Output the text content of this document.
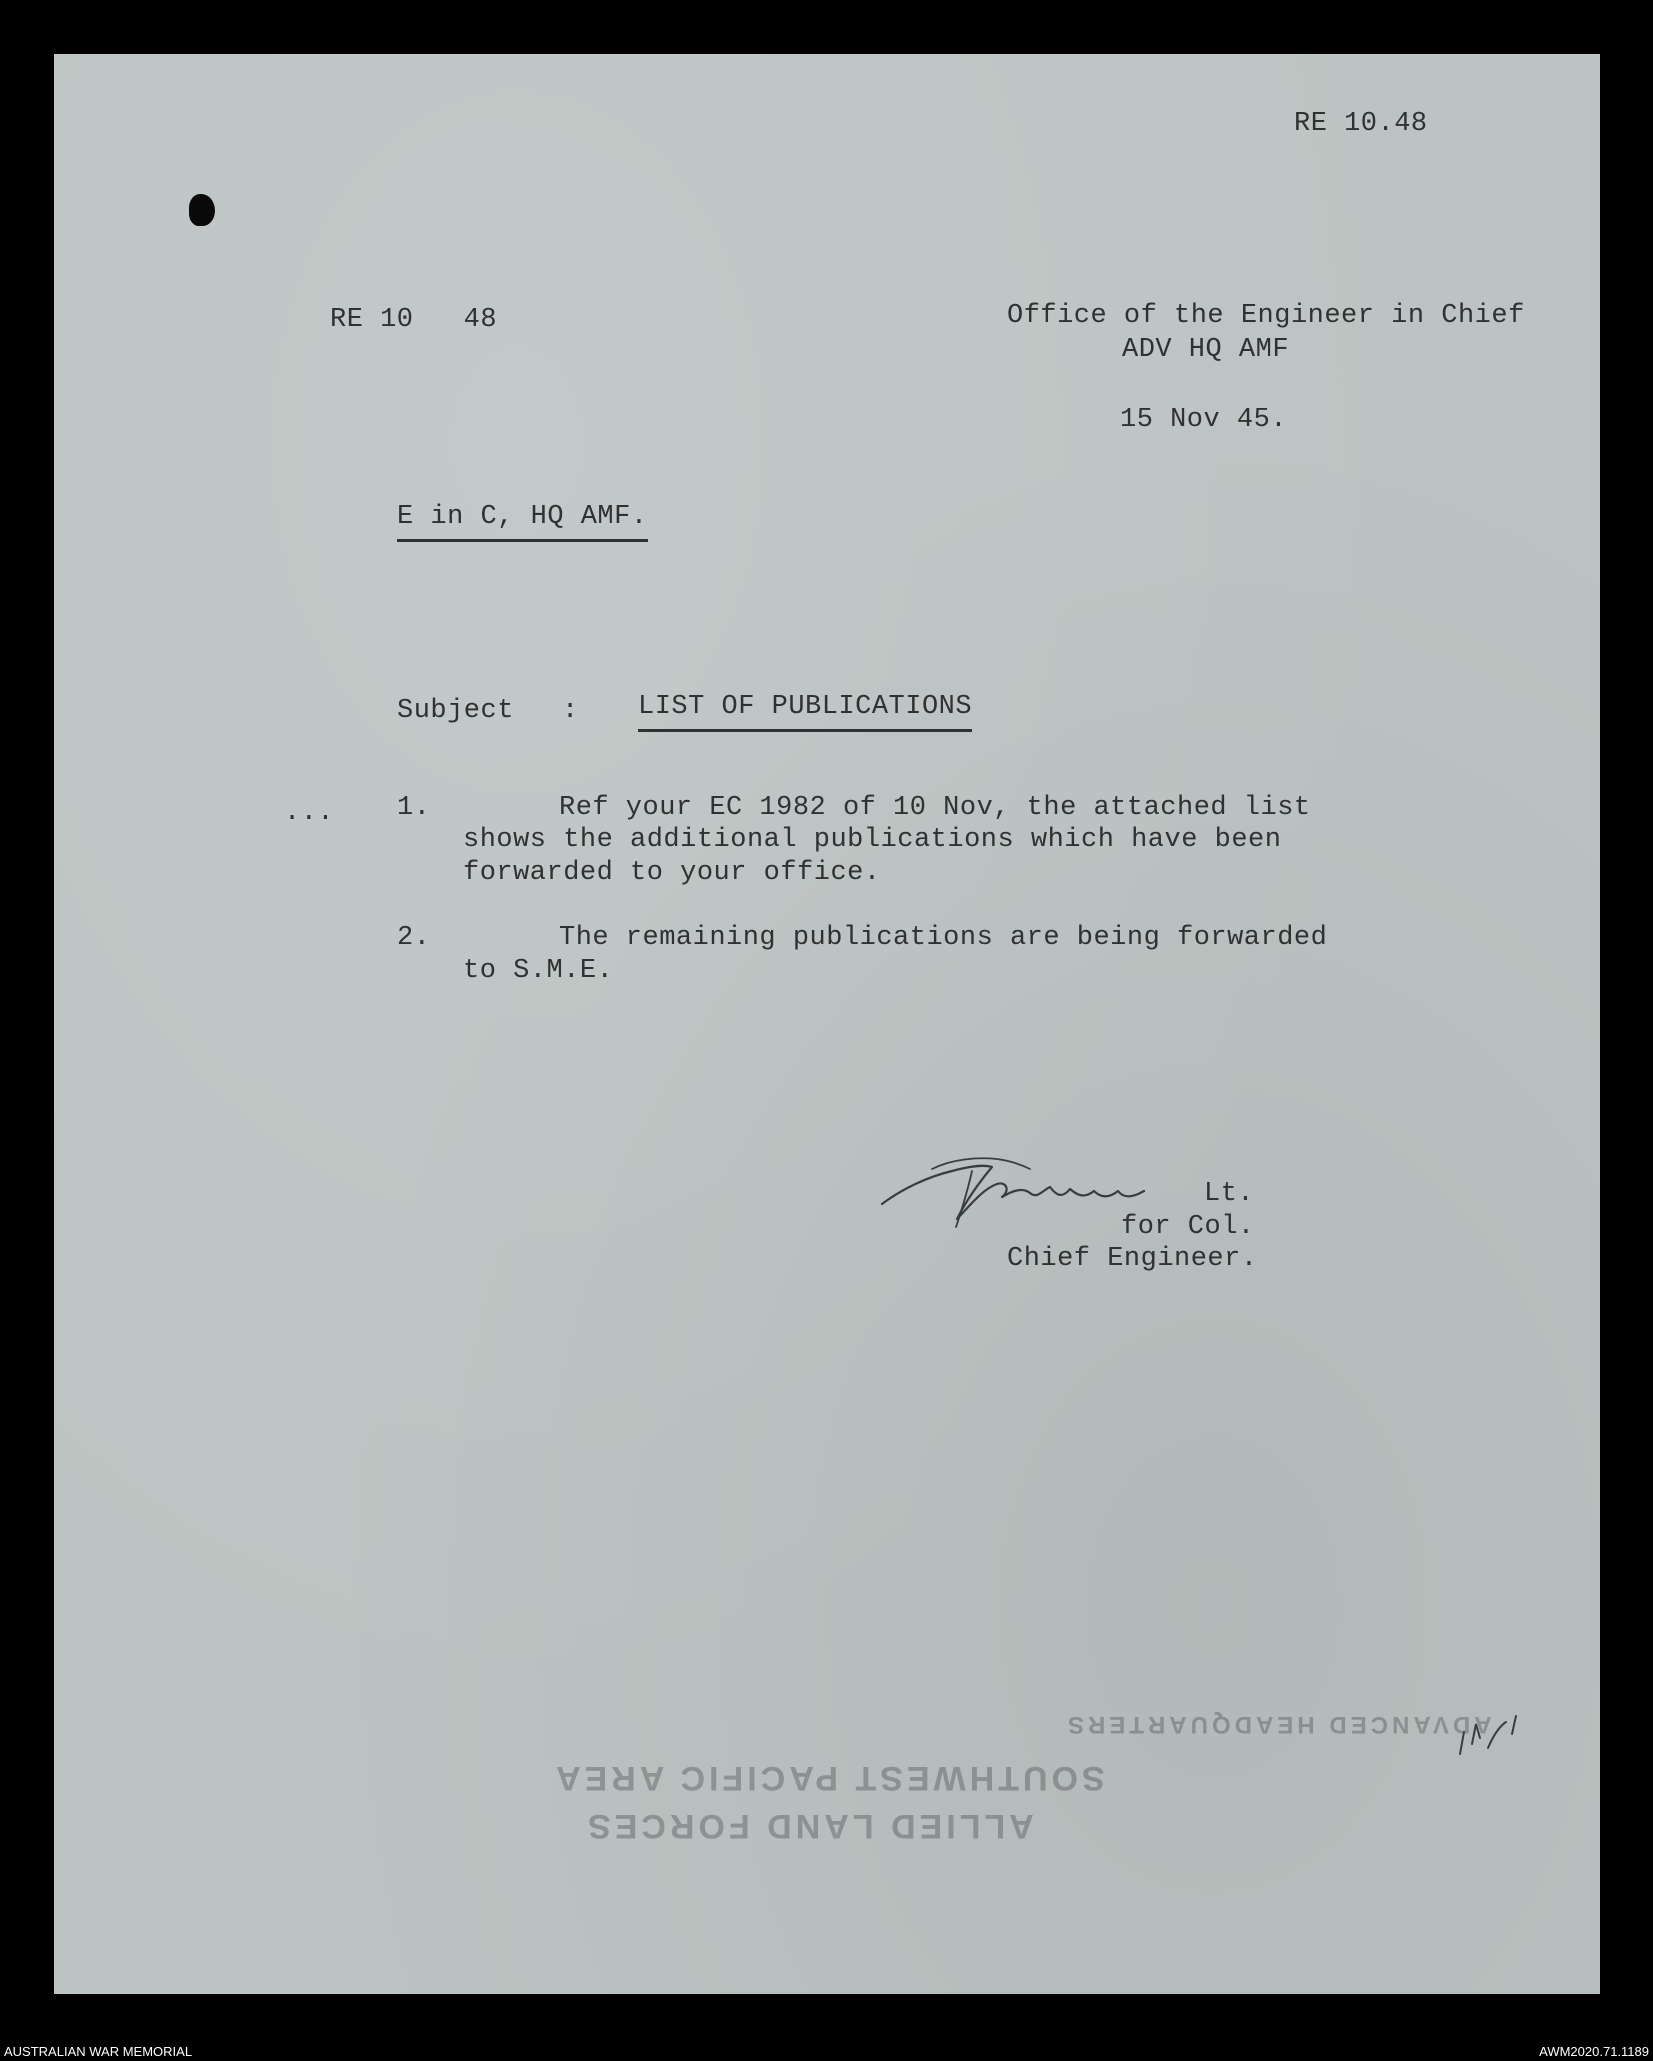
RE 10.48
RE 10   48	Office of the Engineer in Chief
ADV HQ AMF
15 Nov 45.
E in C, HQ AMF.
Subject : LIST OF PUBLICATIONS
... 1.	Ref your EC 1982 of 10 Nov, the attached list
shows the additional publications which have been
forwarded to your office.
2.	The remaining publications are being forwarded
to S.M.E.
Lt.
for Col.
Chief Engineer.
ADVANCED HEADQUARTERS
SOUTHWEST PACIFIC AREA
ALLIED LAND FORCES
AUSTRALIAN WAR MEMORIAL	AWM2020.71.1189
